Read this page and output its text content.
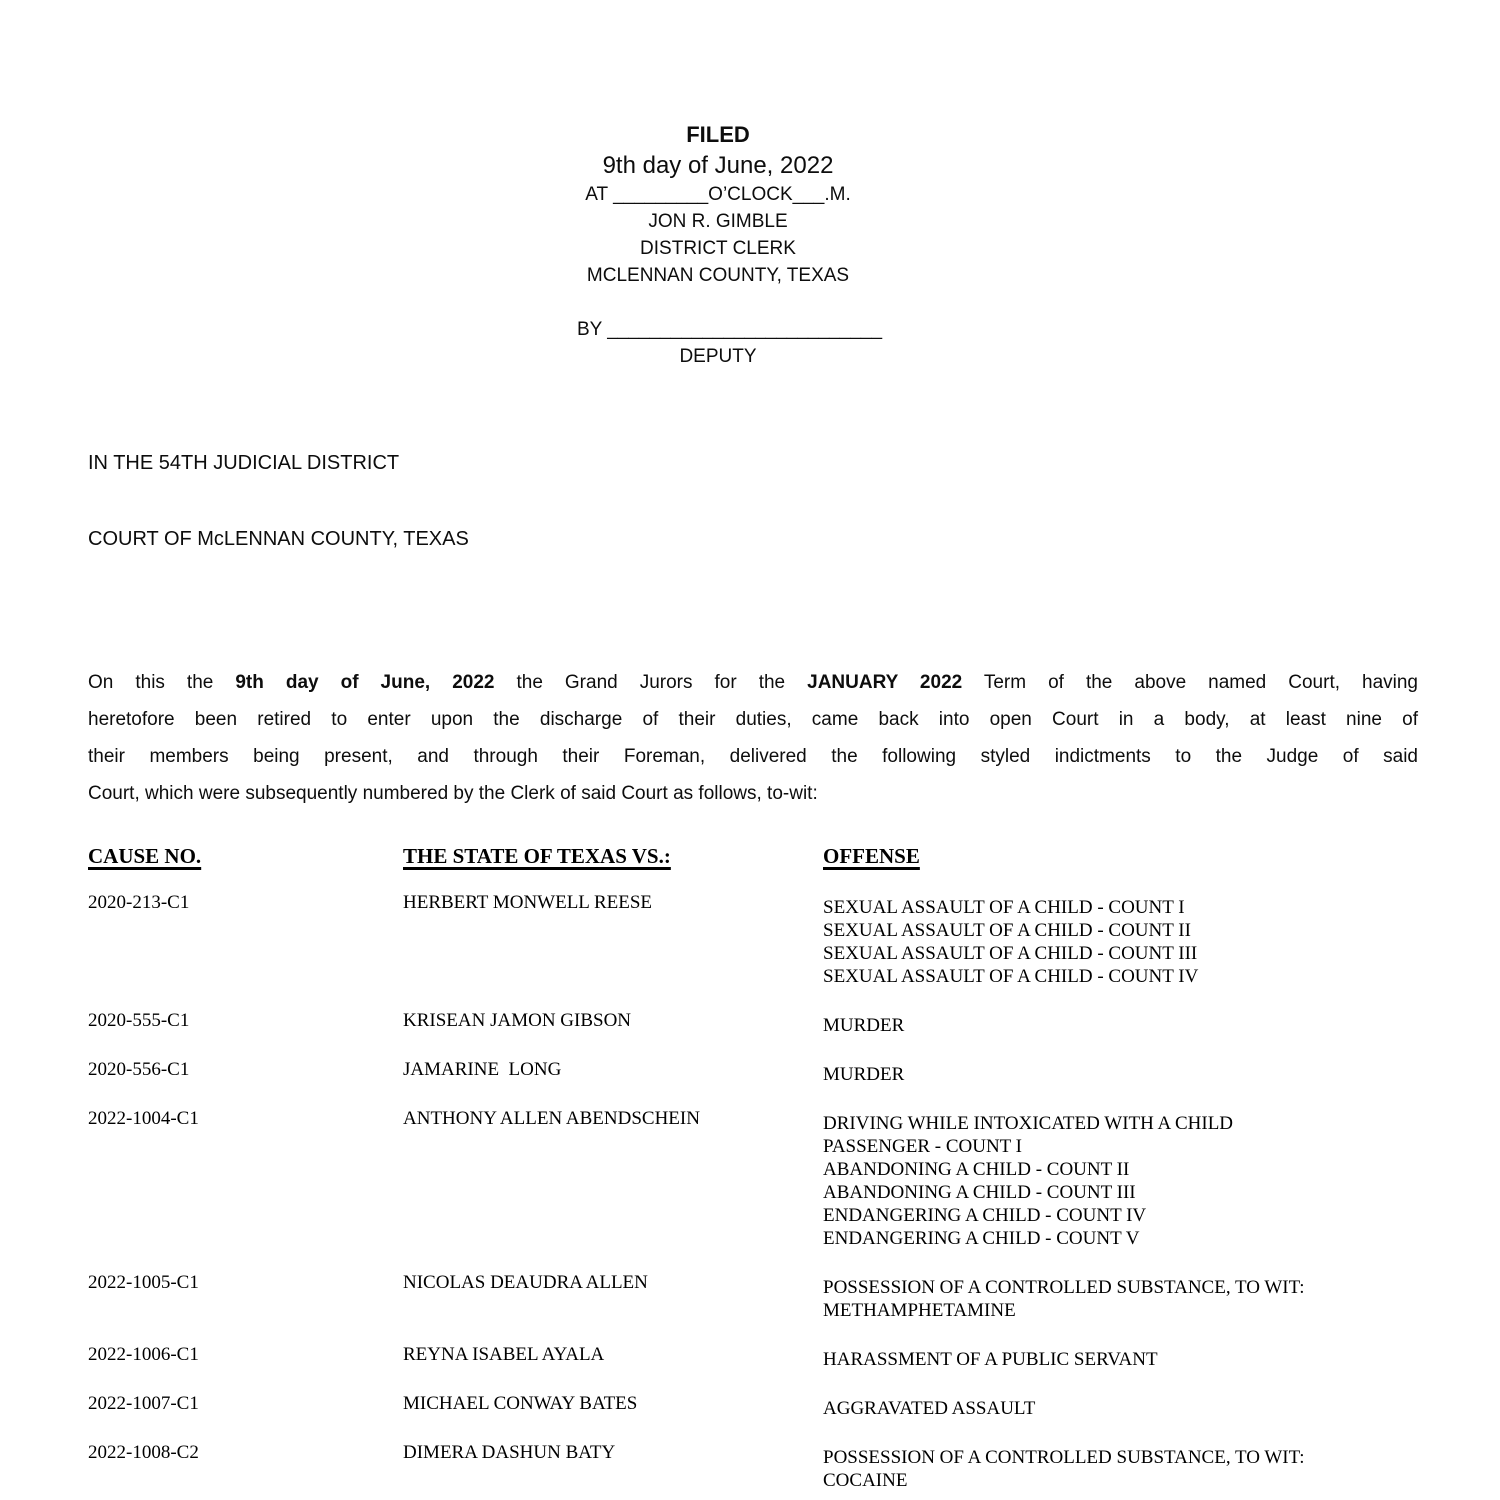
FILED
9th day of June, 2022
AT _________O’CLOCK___.M.
JON R. GIMBLE
DISTRICT CLERK
MCLENNAN COUNTY, TEXAS
BY __________________________
DEPUTY
IN THE 54TH JUDICIAL DISTRICT
COURT OF McLENNAN COUNTY, TEXAS
On this the 9th day of June, 2022 the Grand Jurors for the JANUARY 2022 Term of the above named Court, having
heretofore been retired to enter upon the discharge of their duties, came back into open Court in a body, at least nine of
their members being present, and through their Foreman, delivered the following styled indictments to the Judge of said
Court, which were subsequently numbered by the Clerk of said Court as follows, to-wit:
CAUSE NO.	THE STATE OF TEXAS VS.:	OFFENSE
2020-213-C1	HERBERT MONWELL REESE	SEXUAL ASSAULT OF A CHILD - COUNT I
SEXUAL ASSAULT OF A CHILD - COUNT II
SEXUAL ASSAULT OF A CHILD - COUNT III
SEXUAL ASSAULT OF A CHILD - COUNT IV
2020-555-C1	KRISEAN JAMON GIBSON	MURDER
2020-556-C1	JAMARINE  LONG	MURDER
2022-1004-C1	ANTHONY ALLEN ABENDSCHEIN	DRIVING WHILE INTOXICATED WITH A CHILD
PASSENGER - COUNT I
ABANDONING A CHILD - COUNT II
ABANDONING A CHILD - COUNT III
ENDANGERING A CHILD - COUNT IV
ENDANGERING A CHILD - COUNT V
2022-1005-C1	NICOLAS DEAUDRA ALLEN	POSSESSION OF A CONTROLLED SUBSTANCE, TO WIT:
METHAMPHETAMINE
2022-1006-C1	REYNA ISABEL AYALA	HARASSMENT OF A PUBLIC SERVANT
2022-1007-C1	MICHAEL CONWAY BATES	AGGRAVATED ASSAULT
2022-1008-C2	DIMERA DASHUN BATY	POSSESSION OF A CONTROLLED SUBSTANCE, TO WIT:
COCAINE
